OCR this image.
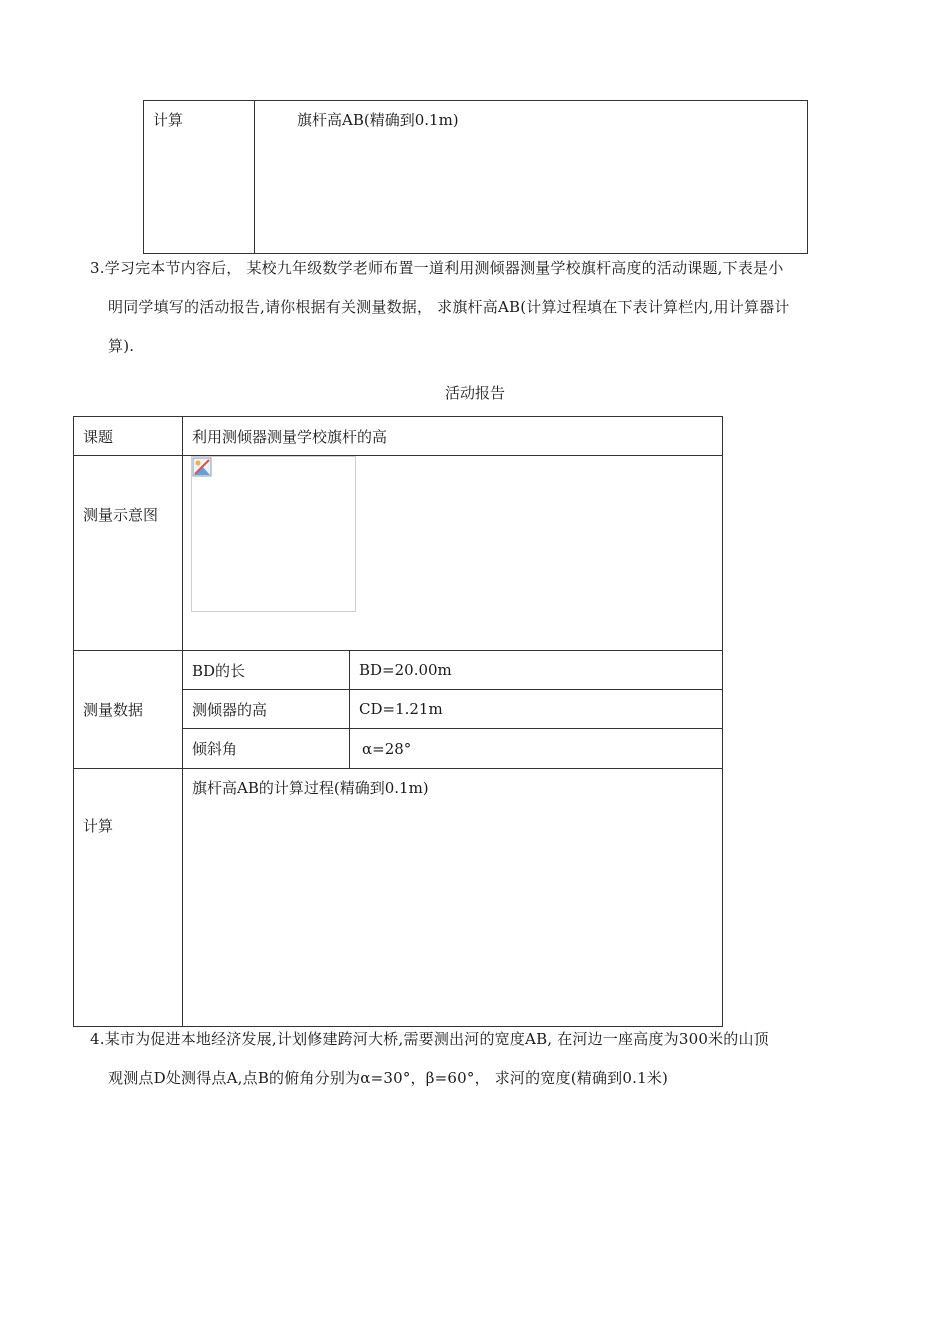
计算	旗杆高AB(精确到0.1m)
3.学习完本节内容后， 某校九年级数学老师布置一道利用测倾器测量学校旗杆高度的活动课题,下表是小
明同学填写的活动报告,请你根据有关测量数据， 求旗杆高AB(计算过程填在下表计算栏内,用计算器计
算).
活动报告
课题	利用测倾器测量学校旗杆的高	

测量示意图		

测量数据	BD的长	BD=20.00m

	测倾器的高	CD=1.21m

	倾斜角	α=28°

计算	旗杆高AB的计算过程(精确到0.1m)	
4.某市为促进本地经济发展,计划修建跨河大桥,需要测出河的宽度AB, 在河边一座高度为300米的山顶
观测点D处测得点A,点B的俯角分别为α=30°，β=60°， 求河的宽度(精确到0.1米)
